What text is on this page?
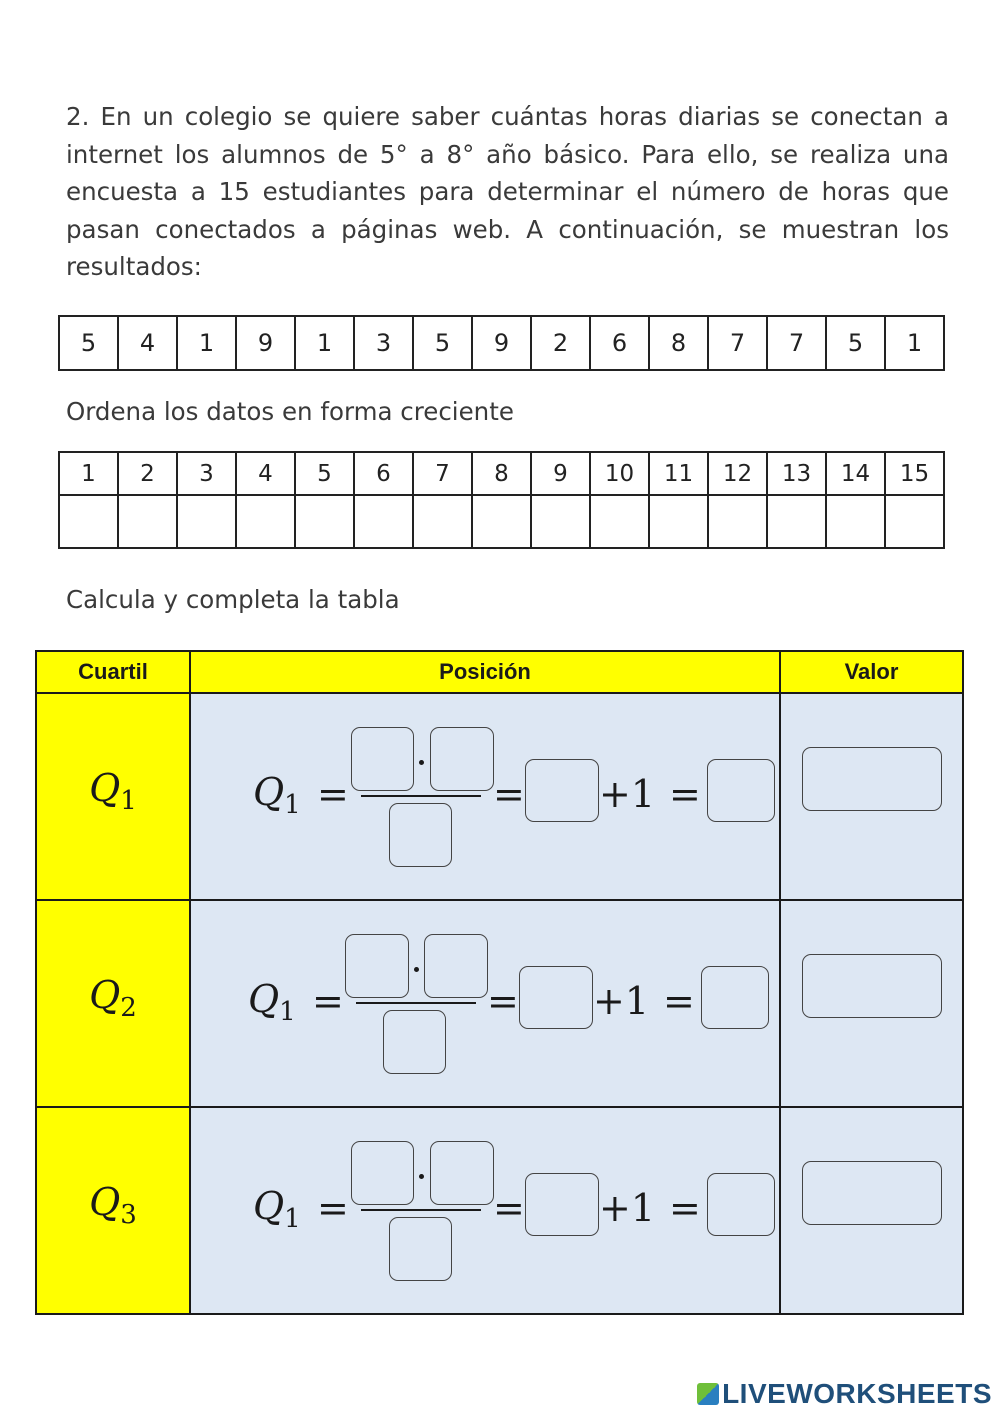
2. En un colegio se quiere saber cuántas horas diarias se conectan a internet los alumnos de 5° a 8° año básico. Para ello, se realiza una encuesta a 15 estudiantes para determinar el número de horas que pasan conectados a páginas web. A continuación, se muestran los resultados:
5	4	1	9	1	3	5	9	2	6	8	7	7	5	1
Ordena los datos en forma creciente
1	2	3	4	5	6	7	8	9	10	11	12	13	14	15

Calcula y completa la tabla
Cuartil	Posición	Valor
$Q_1$	$Q_1$ = = +1 =	

$Q_2$	$Q_1$ = = +1 =	

$Q_3$	$Q_1$ = = +1 =	

LIVEWORKSHEETS
